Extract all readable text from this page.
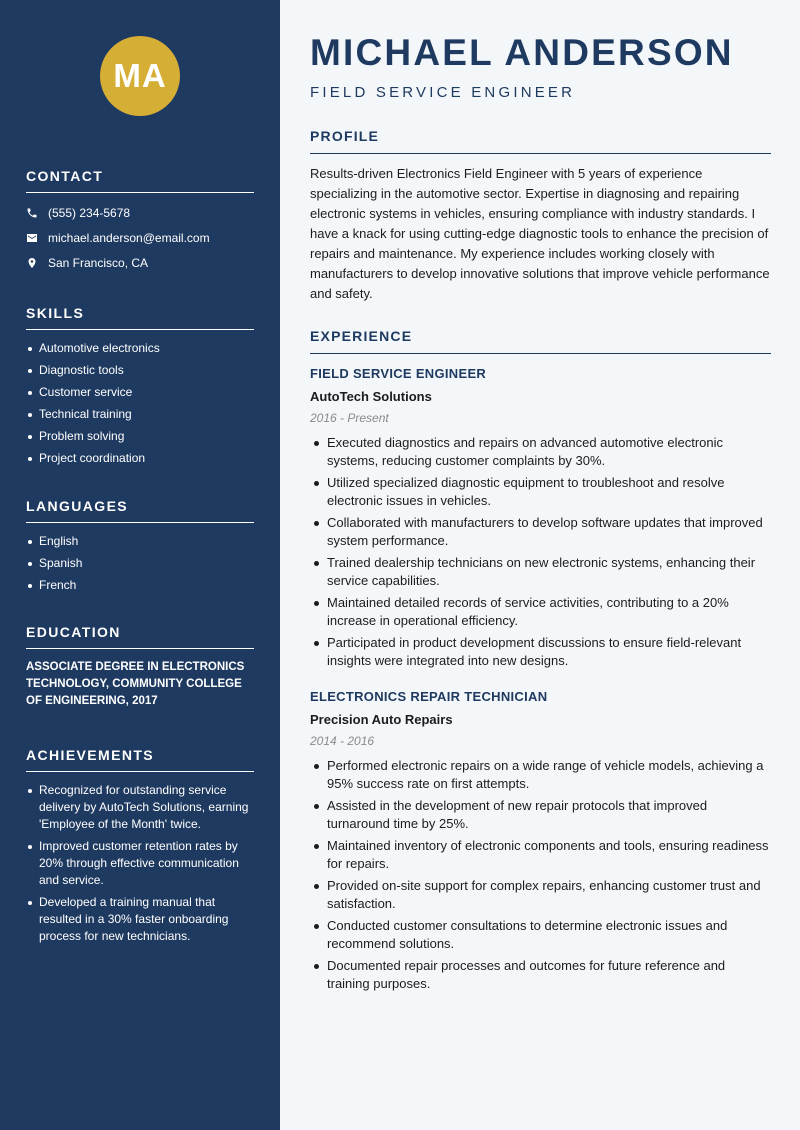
MA
CONTACT
(555) 234-5678
michael.anderson@email.com
San Francisco, CA
SKILLS
Automotive electronics
Diagnostic tools
Customer service
Technical training
Problem solving
Project coordination
LANGUAGES
English
Spanish
French
EDUCATION

ASSOCIATE DEGREE IN ELECTRONICS TECHNOLOGY, COMMUNITY COLLEGE OF ENGINEERING, 2017

ACHIEVEMENTS
Recognized for outstanding service delivery by AutoTech Solutions, earning 'Employee of the Month' twice.
Improved customer retention rates by 20% through effective communication and service.
Developed a training manual that resulted in a 30% faster onboarding process for new technicians.
MICHAEL ANDERSON
FIELD SERVICE ENGINEER
PROFILE

Results-driven Electronics Field Engineer with 5 years of experience specializing in the automotive sector. Expertise in diagnosing and repairing electronic systems in vehicles, ensuring compliance with industry standards. I have a knack for using cutting-edge diagnostic tools to enhance the precision of repairs and maintenance. My experience includes working closely with manufacturers to develop innovative solutions that improve vehicle performance and safety.

EXPERIENCE
FIELD SERVICE ENGINEER
AutoTech Solutions
2016 - Present
Executed diagnostics and repairs on advanced automotive electronic systems, reducing customer complaints by 30%.
Utilized specialized diagnostic equipment to troubleshoot and resolve electronic issues in vehicles.
Collaborated with manufacturers to develop software updates that improved system performance.
Trained dealership technicians on new electronic systems, enhancing their service capabilities.
Maintained detailed records of service activities, contributing to a 20% increase in operational efficiency.
Participated in product development discussions to ensure field-relevant insights were integrated into new designs.
ELECTRONICS REPAIR TECHNICIAN
Precision Auto Repairs
2014 - 2016
Performed electronic repairs on a wide range of vehicle models, achieving a 95% success rate on first attempts.
Assisted in the development of new repair protocols that improved turnaround time by 25%.
Maintained inventory of electronic components and tools, ensuring readiness for repairs.
Provided on-site support for complex repairs, enhancing customer trust and satisfaction.
Conducted customer consultations to determine electronic issues and recommend solutions.
Documented repair processes and outcomes for future reference and training purposes.
